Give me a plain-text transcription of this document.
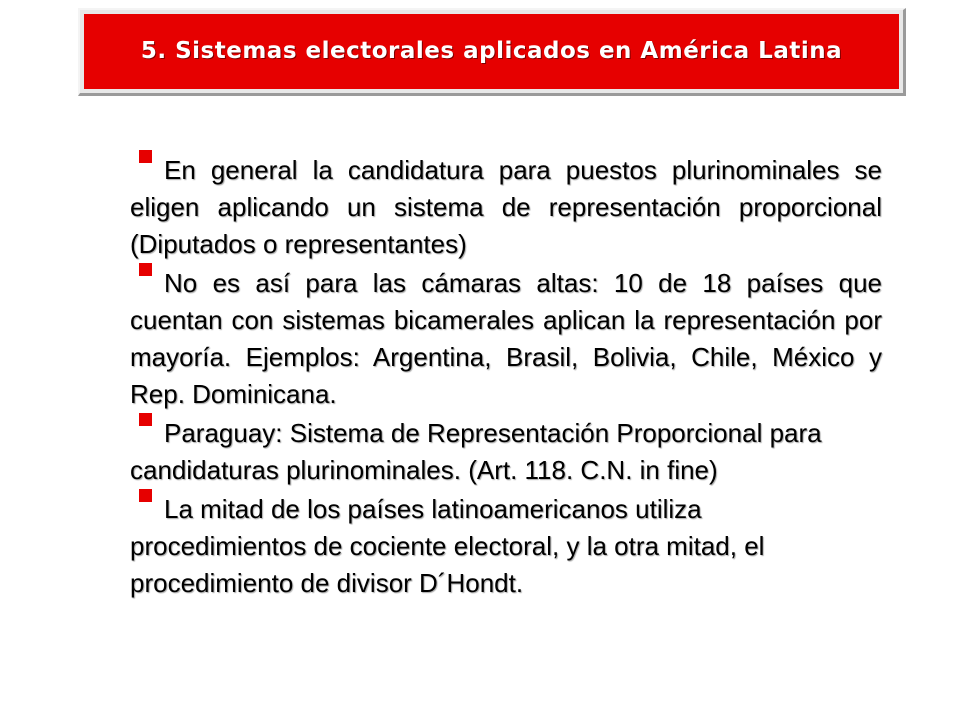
5. Sistemas electorales aplicados en América Latina

En general la candidatura para puestos plurinominales se eligen aplicando un sistema de representación proporcional (Diputados o representantes)

No es así para las cámaras altas: 10 de 18 países que cuentan con sistemas bicamerales aplican la representación por mayoría. Ejemplos: Argentina, Brasil, Bolivia, Chile, México y Rep. Dominicana.

Paraguay: Sistema de Representación Proporcional para candidaturas plurinominales. (Art. 118. C.N. in fine)

La mitad de los países latinoamericanos utiliza procedimientos de cociente electoral, y la otra mitad, el procedimiento de divisor D´Hondt.
